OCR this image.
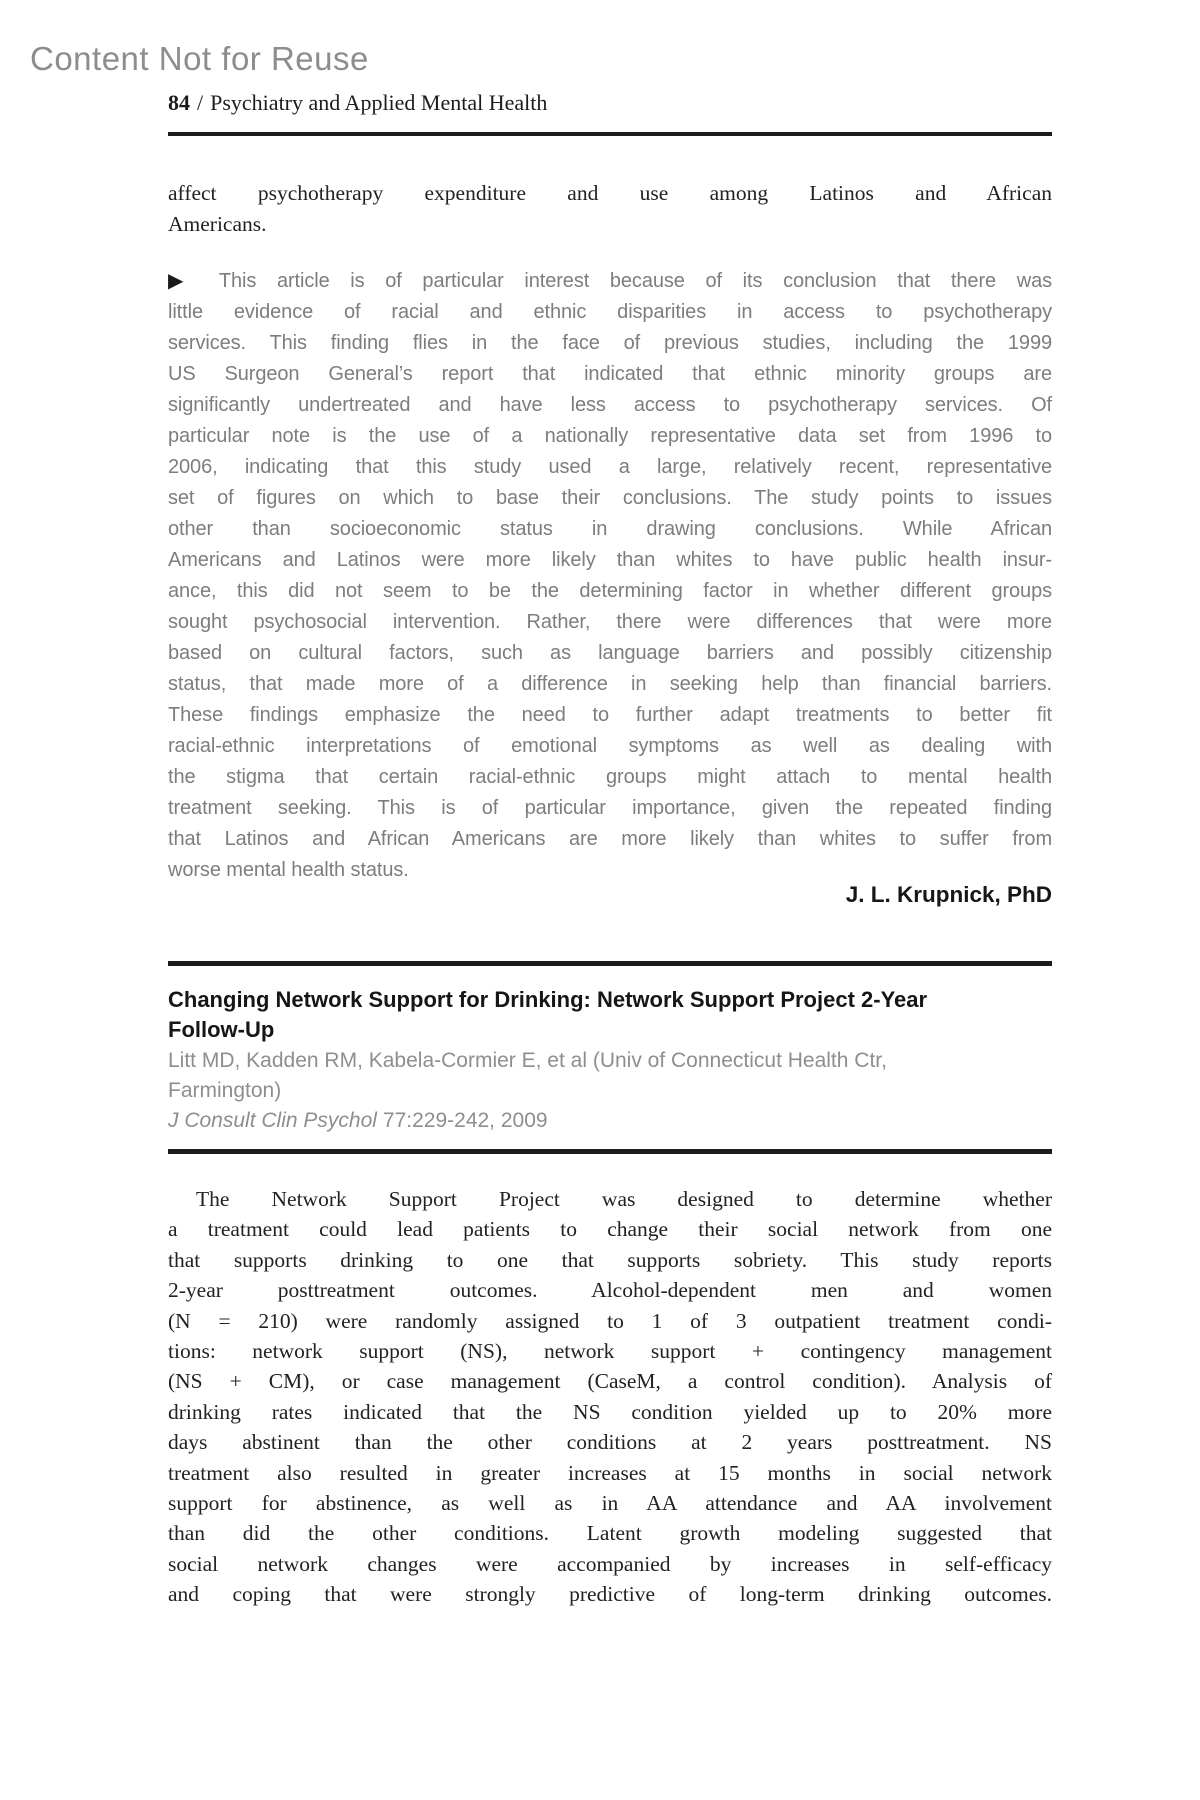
Content Not for Reuse
84 / Psychiatry and Applied Mental Health
affect psychotherapy expenditure and use among Latinos and African
Americans.
▶ This article is of particular interest because of its conclusion that there was
little evidence of racial and ethnic disparities in access to psychotherapy
services. This finding flies in the face of previous studies, including the 1999
US Surgeon General’s report that indicated that ethnic minority groups are
significantly undertreated and have less access to psychotherapy services. Of
particular note is the use of a nationally representative data set from 1996 to
2006, indicating that this study used a large, relatively recent, representative
set of figures on which to base their conclusions. The study points to issues
other than socioeconomic status in drawing conclusions. While African
Americans and Latinos were more likely than whites to have public health insur-
ance, this did not seem to be the determining factor in whether different groups
sought psychosocial intervention. Rather, there were differences that were more
based on cultural factors, such as language barriers and possibly citizenship
status, that made more of a difference in seeking help than financial barriers.
These findings emphasize the need to further adapt treatments to better fit
racial-ethnic interpretations of emotional symptoms as well as dealing with
the stigma that certain racial-ethnic groups might attach to mental health
treatment seeking. This is of particular importance, given the repeated finding
that Latinos and African Americans are more likely than whites to suffer from
worse mental health status.
J. L. Krupnick, PhD
Changing Network Support for Drinking: Network Support Project 2-Year
Follow-Up
Litt MD, Kadden RM, Kabela-Cormier E, et al (Univ of Connecticut Health Ctr,
Farmington)
J Consult Clin Psychol 77:229-242, 2009
The Network Support Project was designed to determine whether
a treatment could lead patients to change their social network from one
that supports drinking to one that supports sobriety. This study reports
2-year posttreatment outcomes. Alcohol-dependent men and women
(N = 210) were randomly assigned to 1 of 3 outpatient treatment condi-
tions: network support (NS), network support + contingency management
(NS + CM), or case management (CaseM, a control condition). Analysis of
drinking rates indicated that the NS condition yielded up to 20% more
days abstinent than the other conditions at 2 years posttreatment. NS
treatment also resulted in greater increases at 15 months in social network
support for abstinence, as well as in AA attendance and AA involvement
than did the other conditions. Latent growth modeling suggested that
social network changes were accompanied by increases in self-efficacy
and coping that were strongly predictive of long-term drinking outcomes.
